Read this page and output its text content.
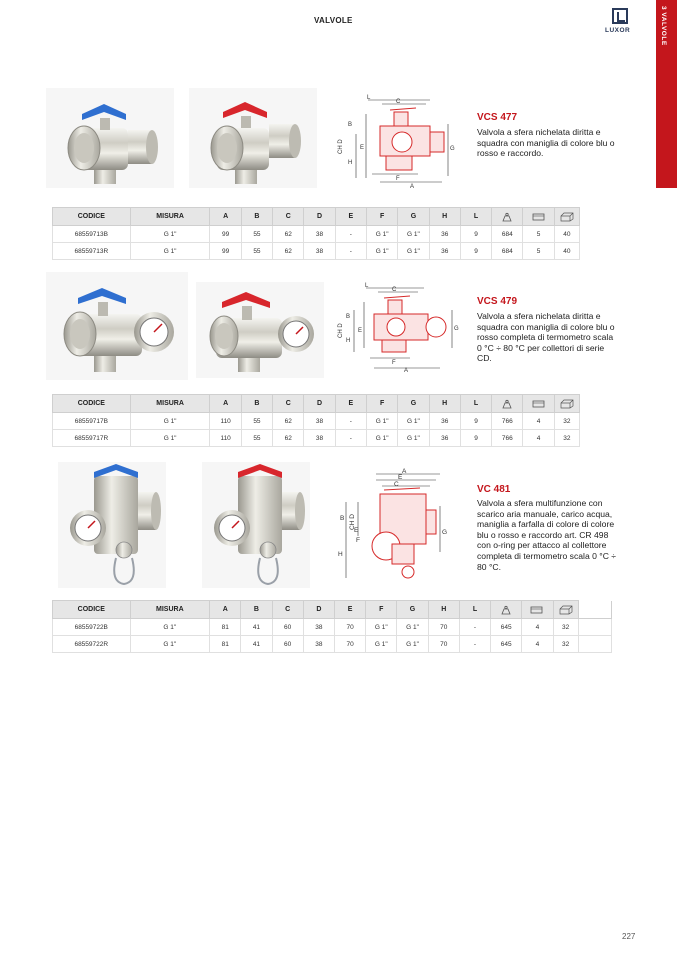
VALVOLE
LUXOR	3 VALVOLE
L
C
B
CH D
H
E	G
F
A
VCS 477
Valvola a sfera nichelata diritta e squadra con maniglia di colore blu o rosso e raccordo.
CODICE	MISURA	A	B	C	D	E	F	G	H	L			
68559713B	G 1"	99	55	62	38	-	G 1"	G 1"	36	9	684	5	40
68559713R	G 1"	99	55	62	38	-	G 1"	G 1"	36	9	684	5	40
L
C
B
CH D
H
E	G
F
A
VCS 479
Valvola a sfera nichelata diritta e squadra con maniglia di colore blu o rosso completa di termometro scala 0 °C ÷ 80 °C per collettori di serie CD.
CODICE	MISURA	A	B	C	D	E	F	G	H	L			
68559717B	G 1"	110	55	62	38	-	G 1"	G 1"	36	9	766	4	32
68559717R	G 1"	110	55	62	38	-	G 1"	G 1"	36	9	766	4	32
A
E
C
B CH D
H
E	G
F
VC 481
Valvola a sfera multifunzione con scarico aria manuale, carico acqua, maniglia a farfalla di colore di colore blu o rosso e raccordo art. CR 498 con o-ring per attacco al collettore completa di termometro scala 0 °C ÷ 80 °C.
CODICE	MISURA	A	B	C	D	E	F	G	H	L				
68559722B	G 1"	81	41	60	38	70	G 1"	G 1"	70	-	645	4	32	
68559722R	G 1"	81	41	60	38	70	G 1"	G 1"	70	-	645	4	32	
227
